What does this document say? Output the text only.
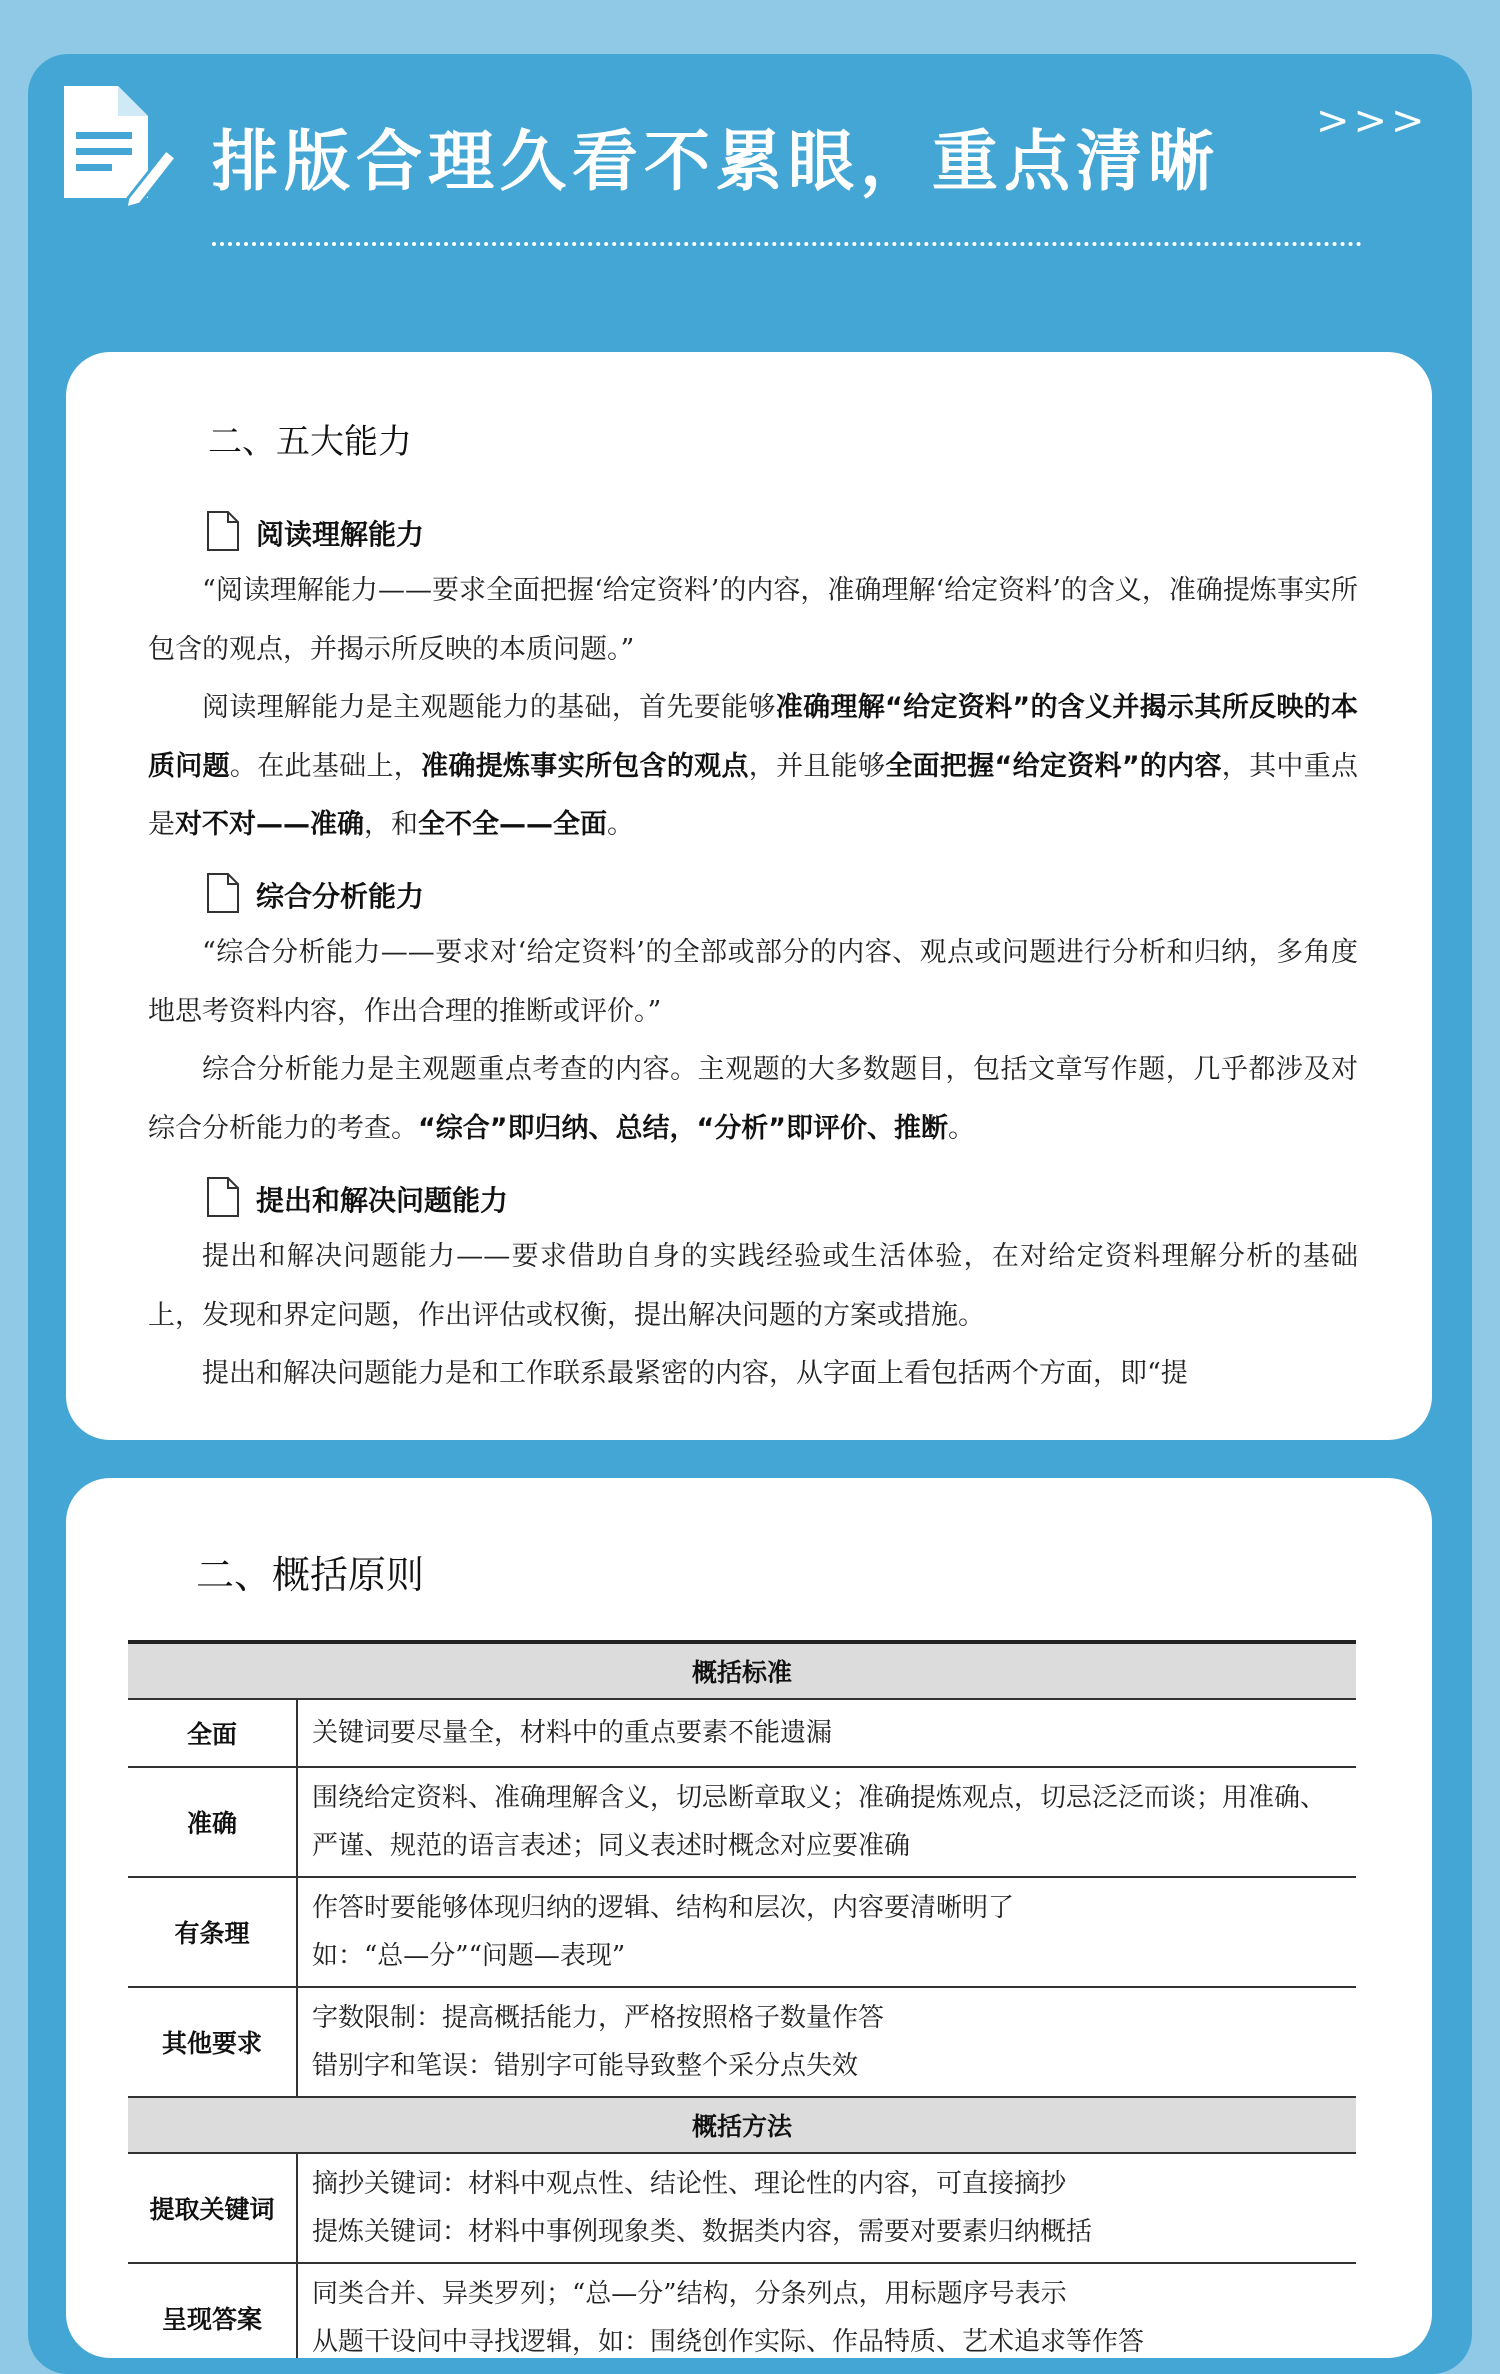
排版合理久看不累眼，重点清晰
>>>
二、五大能力
阅读理解能力

“阅读理解能力——要求全面把握‘给定资料’的内容，准确理解‘给定资料’的含义，准确提炼事实所包含的观点，并揭示所反映的本质问题。”

阅读理解能力是主观题能力的基础，首先要能够准确理解“给定资料”的含义并揭示其所反映的本质问题。在此基础上，准确提炼事实所包含的观点，并且能够全面把握“给定资料”的内容，其中重点是对不对——准确，和全不全——全面。

综合分析能力

“综合分析能力——要求对‘给定资料’的全部或部分的内容、观点或问题进行分析和归纳，多角度地思考资料内容，作出合理的推断或评价。”

综合分析能力是主观题重点考查的内容。主观题的大多数题目，包括文章写作题，几乎都涉及对综合分析能力的考查。“综合”即归纳、总结，“分析”即评价、推断。

提出和解决问题能力

提出和解决问题能力——要求借助自身的实践经验或生活体验，在对给定资料理解分析的基础上，发现和界定问题，作出评估或权衡，提出解决问题的方案或措施。

提出和解决问题能力是和工作联系最紧密的内容，从字面上看包括两个方面，即“提

二、概括原则
概括标准	
全面	关键词要尽量全，材料中的重点要素不能遗漏

准确	围绕给定资料、准确理解含义，切忌断章取义；准确提炼观点，切忌泛泛而谈；用准确、严谨、规范的语言表述；同义表述时概念对应要准确

有条理	作答时要能够体现归纳的逻辑、结构和层次，内容要清晰明了
如：“总—分”“问题—表现”

其他要求	字数限制：提高概括能力，严格按照格子数量作答
错别字和笔误：错别字可能导致整个采分点失效

概括方法	
提取关键词	摘抄关键词：材料中观点性、结论性、理论性的内容，可直接摘抄
提炼关键词：材料中事例现象类、数据类内容，需要对要素归纳概括

呈现答案	同类合并、异类罗列；“总—分”结构，分条列点，用标题序号表示
从题干设问中寻找逻辑，如：围绕创作实际、作品特质、艺术追求等作答
